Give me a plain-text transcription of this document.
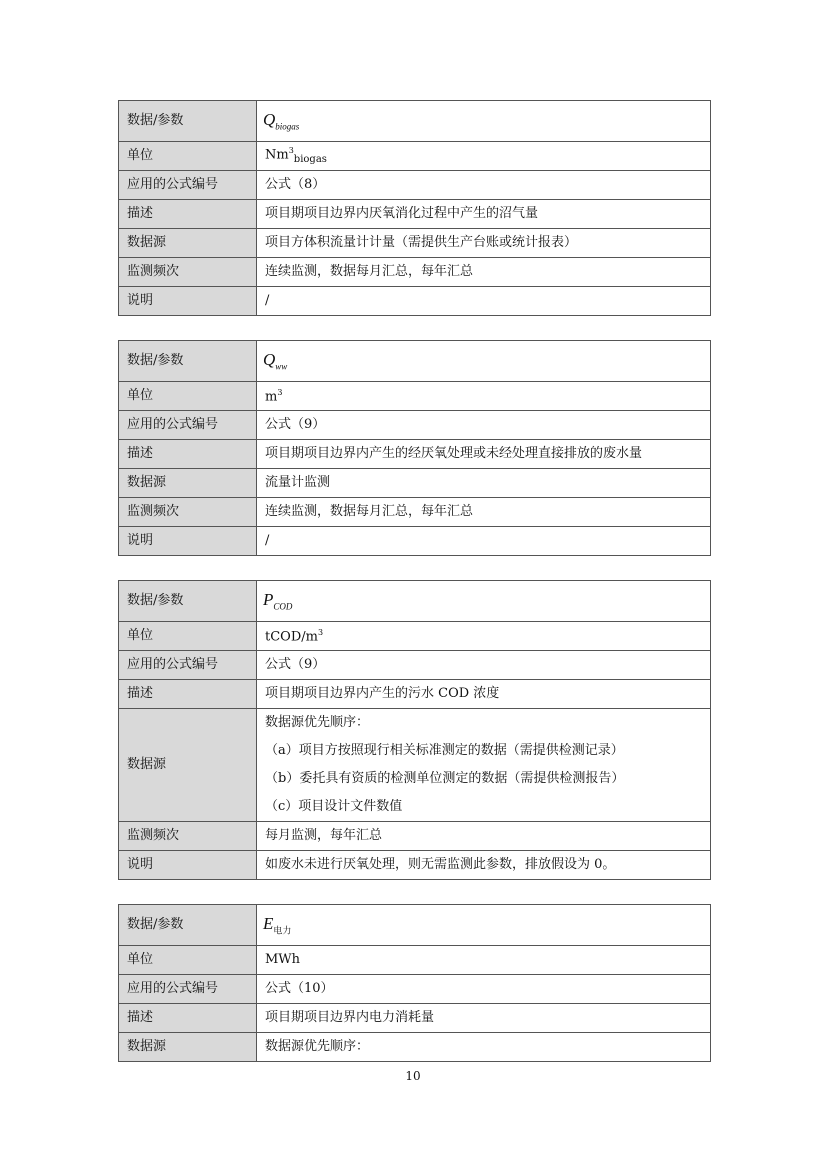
数据/参数	$Q_{biogas}$
单位	$Nm^3_{biogas}$
应用的公式编号	公式（8）
描述	项目期项目边界内厌氧消化过程中产生的沼气量
数据源	项目方体积流量计计量（需提供生产台账或统计报表）
监测频次	连续监测，数据每月汇总，每年汇总
说明	/
数据/参数	$Q_{ww}$
单位	$m^3$
应用的公式编号	公式（9）
描述	项目期项目边界内产生的经厌氧处理或未经处理直接排放的废水量
数据源	流量计监测
监测频次	连续监测，数据每月汇总，每年汇总
说明	/
数据/参数	$P_{COD}$
单位	tCOD/$m^3$
应用的公式编号	公式（9）
描述	项目期项目边界内产生的污水 COD 浓度
数据源	数据源优先顺序：
（a）项目方按照现行相关标准测定的数据（需提供检测记录）
（b）委托具有资质的检测单位测定的数据（需提供检测报告）
（c）项目设计文件数值

监测频次	每月监测，每年汇总
说明	如废水未进行厌氧处理，则无需监测此参数，排放假设为 0。
数据/参数	$E_{电力}$
单位	MWh
应用的公式编号	公式（10）
描述	项目期项目边界内电力消耗量
数据源	数据源优先顺序：
10
